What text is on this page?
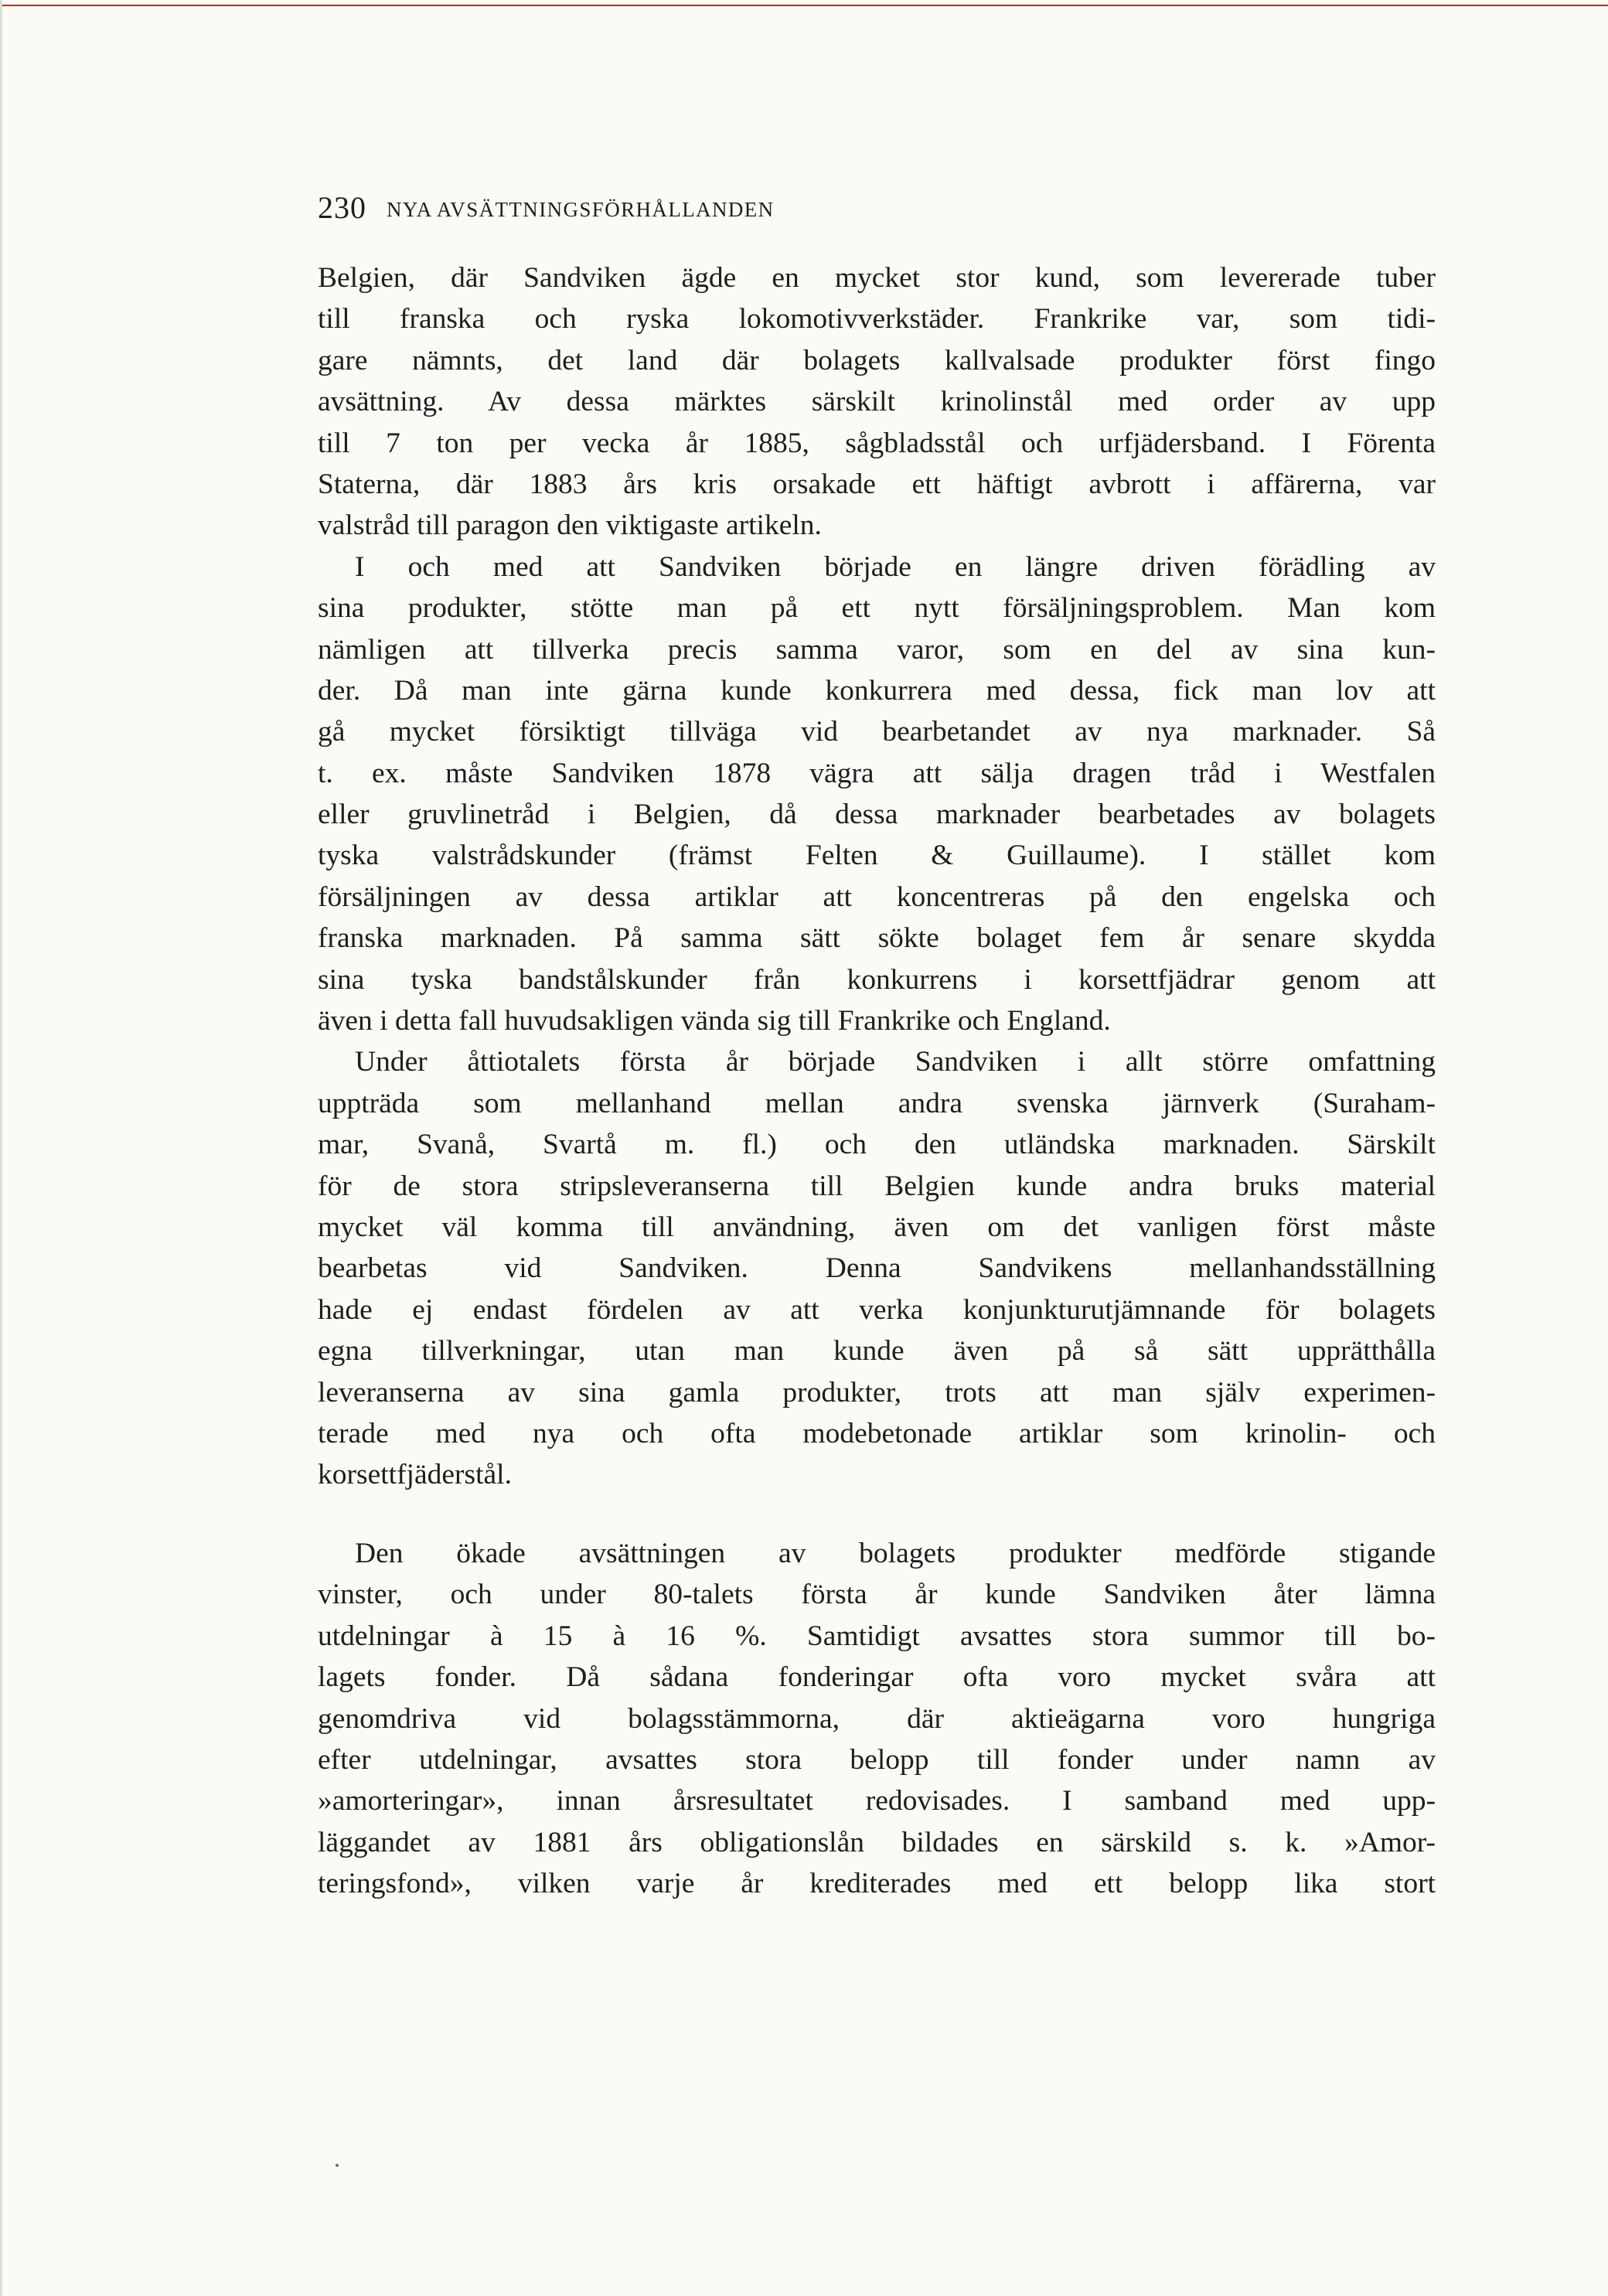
230 NYA AVSÄTTNINGSFÖRHÅLLANDEN
Belgien, där Sandviken ägde en mycket stor kund, som levererade tuber
till franska och ryska lokomotivverkstäder. Frankrike var, som tidi-
gare nämnts, det land där bolagets kallvalsade produkter först fingo
avsättning. Av dessa märktes särskilt krinolinstål med order av upp
till 7 ton per vecka år 1885, sågbladsstål och urfjädersband. I Förenta
Staterna, där 1883 års kris orsakade ett häftigt avbrott i affärerna, var
valstråd till paragon den viktigaste artikeln.
I och med att Sandviken började en längre driven förädling av
sina produkter, stötte man på ett nytt försäljningsproblem. Man kom
nämligen att tillverka precis samma varor, som en del av sina kun-
der. Då man inte gärna kunde konkurrera med dessa, fick man lov att
gå mycket försiktigt tillväga vid bearbetandet av nya marknader. Så
t. ex. måste Sandviken 1878 vägra att sälja dragen tråd i Westfalen
eller gruvlinetråd i Belgien, då dessa marknader bearbetades av bolagets
tyska valstrådskunder (främst Felten & Guillaume). I stället kom
försäljningen av dessa artiklar att koncentreras på den engelska och
franska marknaden. På samma sätt sökte bolaget fem år senare skydda
sina tyska bandstålskunder från konkurrens i korsettfjädrar genom att
även i detta fall huvudsakligen vända sig till Frankrike och England.
Under åttiotalets första år började Sandviken i allt större omfattning
uppträda som mellanhand mellan andra svenska järnverk (Suraham-
mar, Svanå, Svartå m. fl.) och den utländska marknaden. Särskilt
för de stora stripsleveranserna till Belgien kunde andra bruks material
mycket väl komma till användning, även om det vanligen först måste
bearbetas vid Sandviken. Denna Sandvikens mellanhandsställning
hade ej endast fördelen av att verka konjunkturutjämnande för bolagets
egna tillverkningar, utan man kunde även på så sätt upprätthålla
leveranserna av sina gamla produkter, trots att man själv experimen-
terade med nya och ofta modebetonade artiklar som krinolin- och
korsettfjäderstål.
Den ökade avsättningen av bolagets produkter medförde stigande
vinster, och under 80-talets första år kunde Sandviken åter lämna
utdelningar à 15 à 16 %. Samtidigt avsattes stora summor till bo-
lagets fonder. Då sådana fonderingar ofta voro mycket svåra att
genomdriva vid bolagsstämmorna, där aktieägarna voro hungriga
efter utdelningar, avsattes stora belopp till fonder under namn av
»amorteringar», innan årsresultatet redovisades. I samband med upp-
läggandet av 1881 års obligationslån bildades en särskild s. k. »Amor-
teringsfond», vilken varje år krediterades med ett belopp lika stort
